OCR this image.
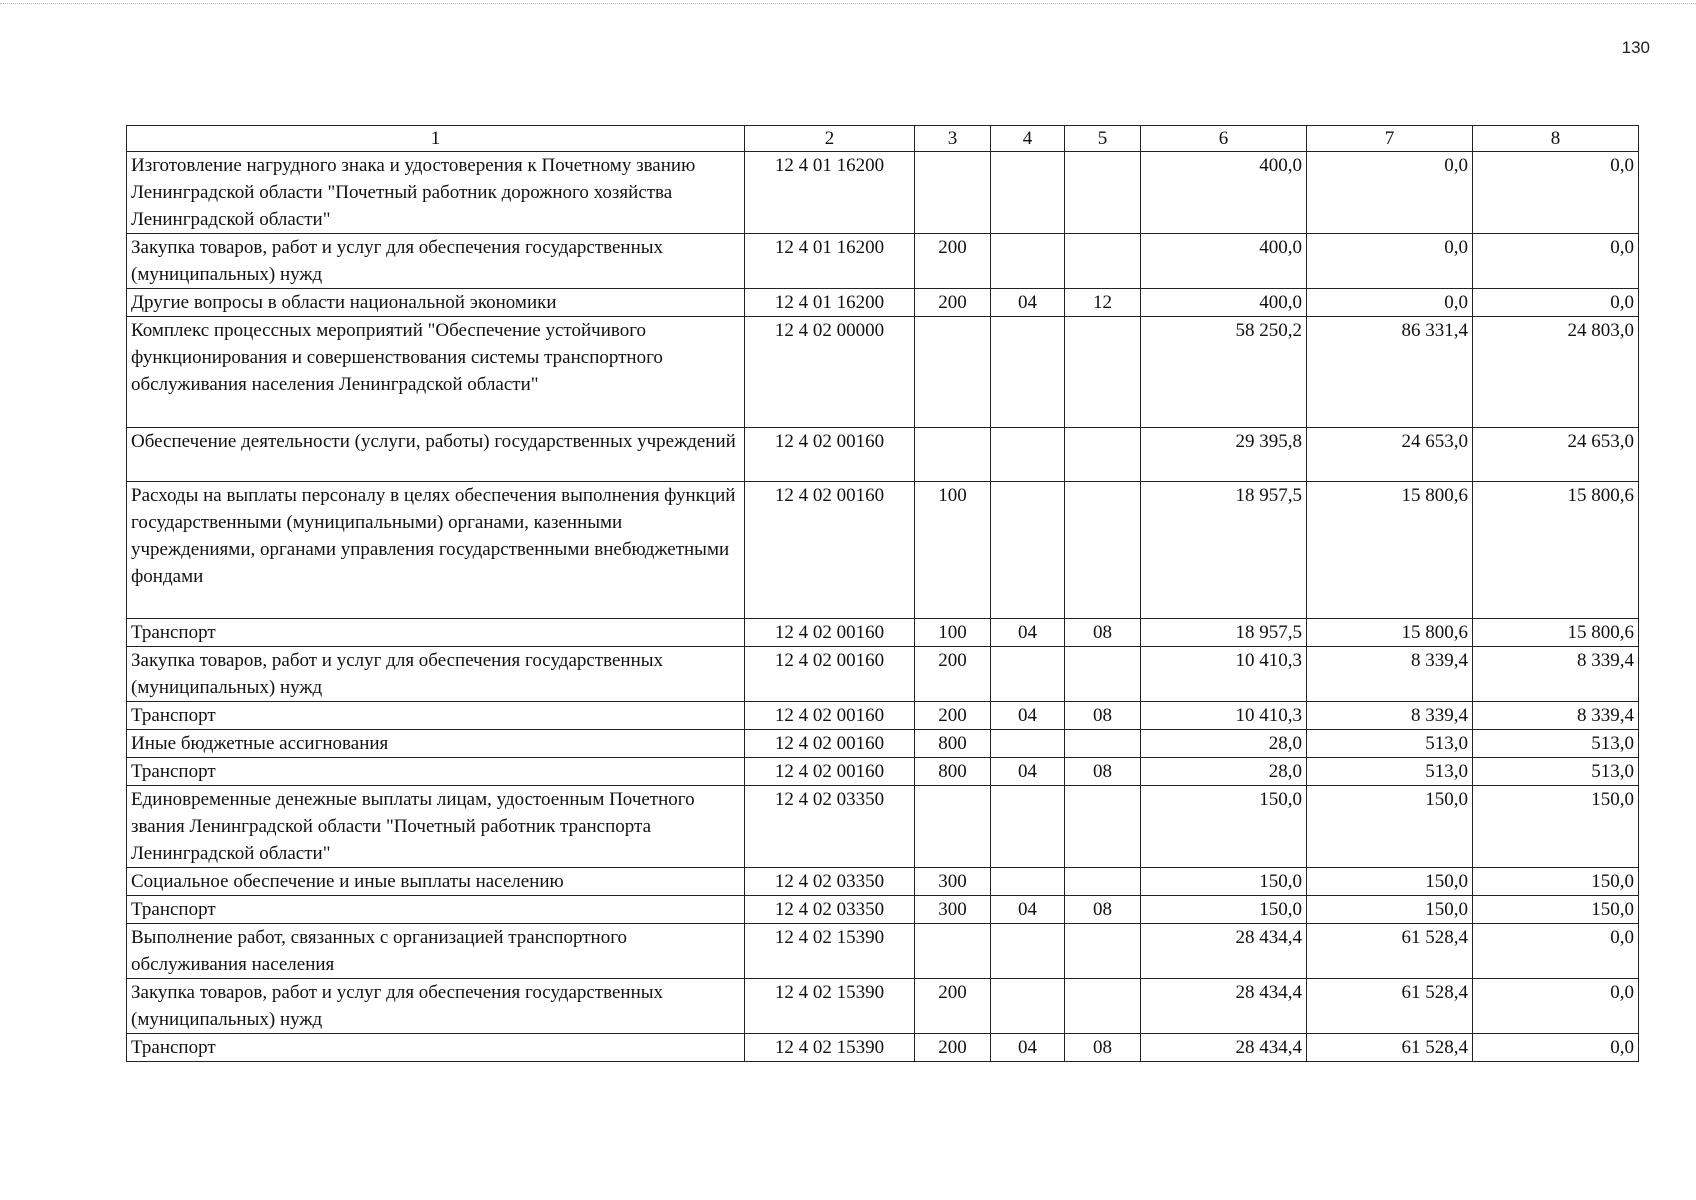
130
1	2	3	4	5	6	7	8
Изготовление нагрудного знака и удостоверения к Почетному званию Ленинградской области "Почетный работник дорожного хозяйства Ленинградской области"	12 4 01 16200				400,0	0,0	0,0
Закупка товаров, работ и услуг для обеспечения государственных (муниципальных) нужд	12 4 01 16200	200			400,0	0,0	0,0
Другие вопросы в области национальной экономики	12 4 01 16200	200	04	12	400,0	0,0	0,0
Комплекс процессных мероприятий "Обеспечение устойчивого функционирования и совершенствования системы транспортного обслуживания населения Ленинградской области"	12 4 02 00000				58 250,2	86 331,4	24 803,0
Обеспечение деятельности (услуги, работы) государственных учреждений	12 4 02 00160				29 395,8	24 653,0	24 653,0
Расходы на выплаты персоналу в целях обеспечения выполнения функций государственными (муниципальными) органами, казенными учреждениями, органами управления государственными внебюджетными фондами	12 4 02 00160	100			18 957,5	15 800,6	15 800,6
Транспорт	12 4 02 00160	100	04	08	18 957,5	15 800,6	15 800,6
Закупка товаров, работ и услуг для обеспечения государственных (муниципальных) нужд	12 4 02 00160	200			10 410,3	8 339,4	8 339,4
Транспорт	12 4 02 00160	200	04	08	10 410,3	8 339,4	8 339,4
Иные бюджетные ассигнования	12 4 02 00160	800			28,0	513,0	513,0
Транспорт	12 4 02 00160	800	04	08	28,0	513,0	513,0
Единовременные денежные выплаты лицам, удостоенным Почетного звания Ленинградской области "Почетный работник транспорта Ленинградской области"	12 4 02 03350				150,0	150,0	150,0
Социальное обеспечение и иные выплаты населению	12 4 02 03350	300			150,0	150,0	150,0
Транспорт	12 4 02 03350	300	04	08	150,0	150,0	150,0
Выполнение работ, связанных с организацией транспортного обслуживания населения	12 4 02 15390				28 434,4	61 528,4	0,0
Закупка товаров, работ и услуг для обеспечения государственных (муниципальных) нужд	12 4 02 15390	200			28 434,4	61 528,4	0,0
Транспорт	12 4 02 15390	200	04	08	28 434,4	61 528,4	0,0
